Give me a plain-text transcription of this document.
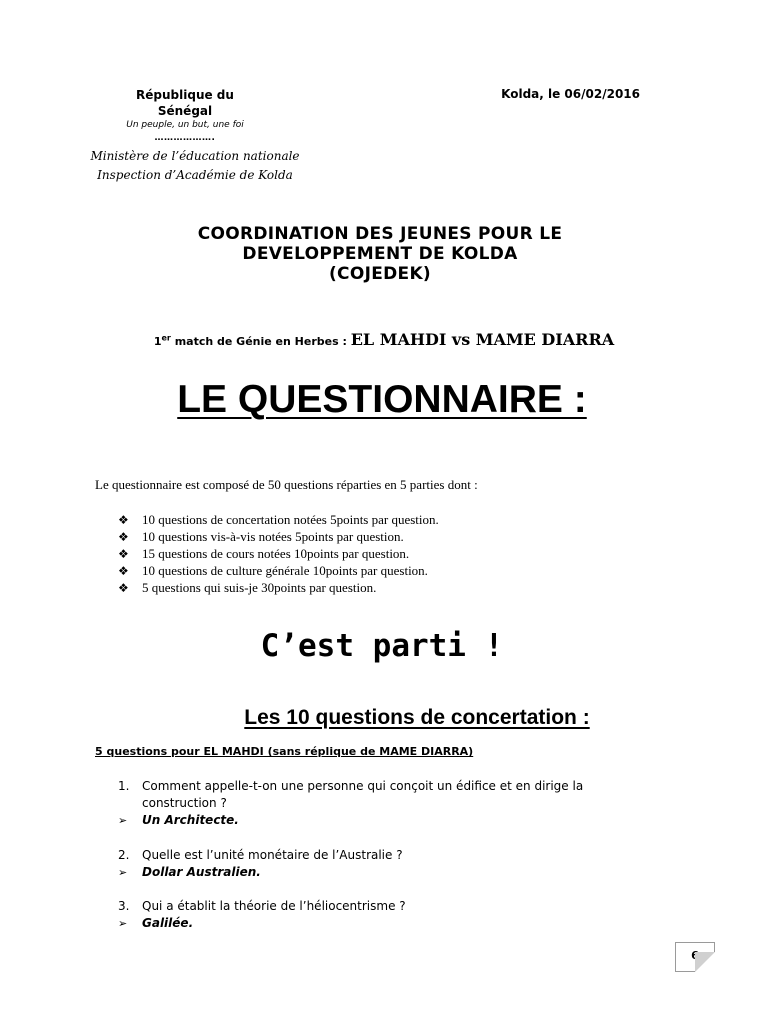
République du Sénégal
Un peuple, un but, une foi
……………….
Kolda, le 06/02/2016
Ministère de l’éducation nationale
Inspection d’Académie de Kolda
COORDINATION DES JEUNES POUR LE
DEVELOPPEMENT DE KOLDA
(COJEDEK)
1er match de Génie en Herbes : EL MAHDI vs MAME DIARRA
LE QUESTIONNAIRE :
Le questionnaire est composé de 50 questions réparties en 5 parties dont :
❖ 10 questions de concertation notées 5points par question.
❖ 10 questions vis-à-vis notées 5points par question.
❖ 15 questions de cours notées 10points par question.
❖ 10 questions de culture générale 10points par question.
❖ 5 questions qui suis-je 30points par question.
C’est parti !
Les 10 questions de concertation :
5 questions pour EL MAHDI (sans réplique de MAME DIARRA)
1. Comment appelle-t-on une personne qui conçoit un édifice et en dirige la
construction ?
➢ Un Architecte.
2. Quelle est l’unité monétaire de l’Australie ?
➢ Dollar Australien.
3. Qui a établit la théorie de l’héliocentrisme ?
➢ Galilée.
6
